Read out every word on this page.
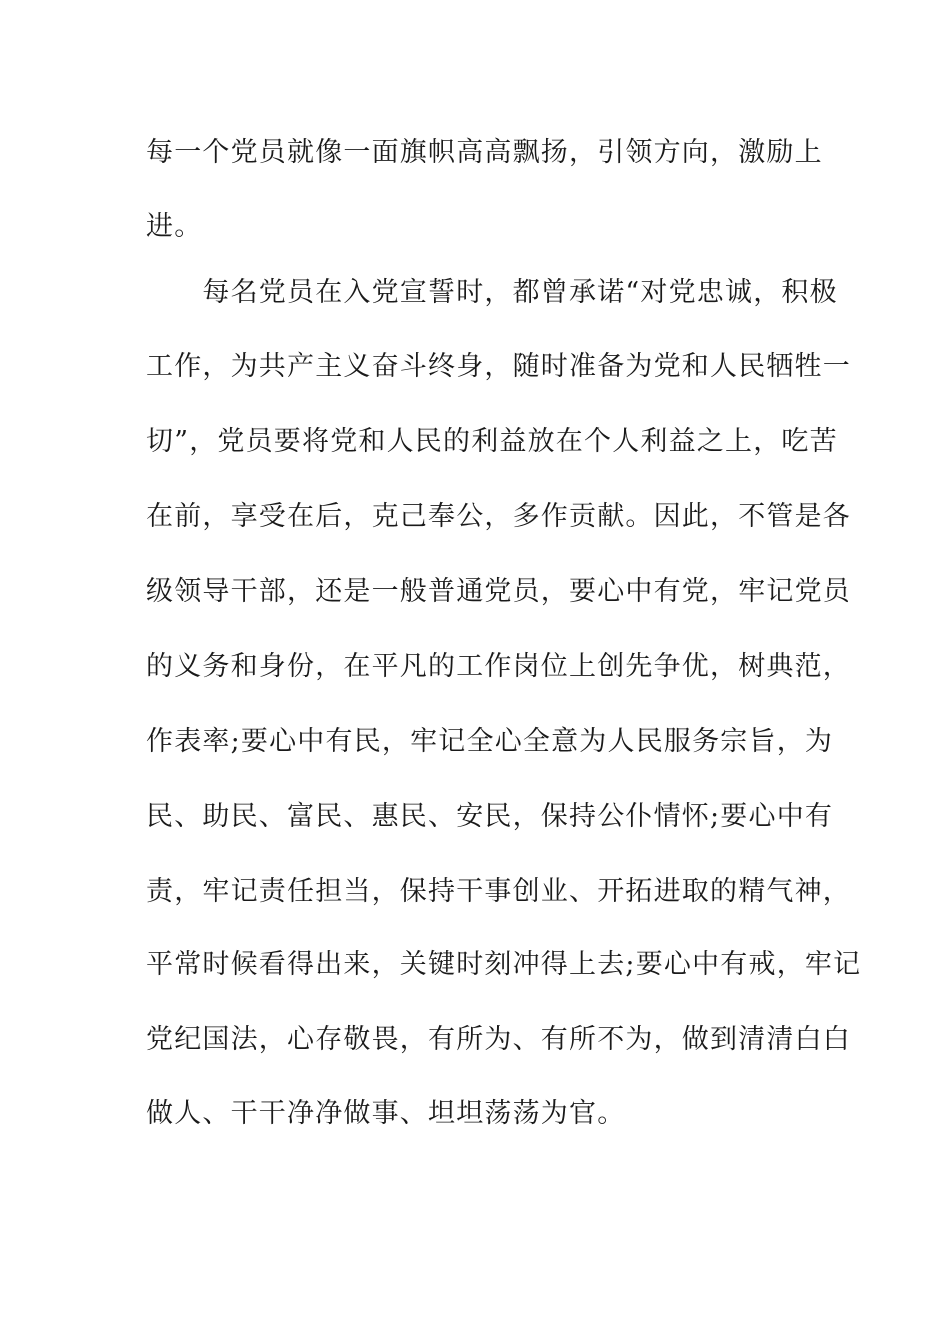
每一个党员就像一面旗帜高高飘扬，引领方向，激励上
进。
　　每名党员在入党宣誓时，都曾承诺“对党忠诚，积极
工作，为共产主义奋斗终身，随时准备为党和人民牺牲一
切”，党员要将党和人民的利益放在个人利益之上，吃苦
在前，享受在后，克己奉公，多作贡献。因此，不管是各
级领导干部，还是一般普通党员，要心中有党，牢记党员
的义务和身份，在平凡的工作岗位上创先争优，树典范，
作表率;要心中有民，牢记全心全意为人民服务宗旨，为
民、助民、富民、惠民、安民，保持公仆情怀;要心中有
责，牢记责任担当，保持干事创业、开拓进取的精气神，
平常时候看得出来，关键时刻冲得上去;要心中有戒，牢记
党纪国法，心存敬畏，有所为、有所不为，做到清清白白
做人、干干净净做事、坦坦荡荡为官。
